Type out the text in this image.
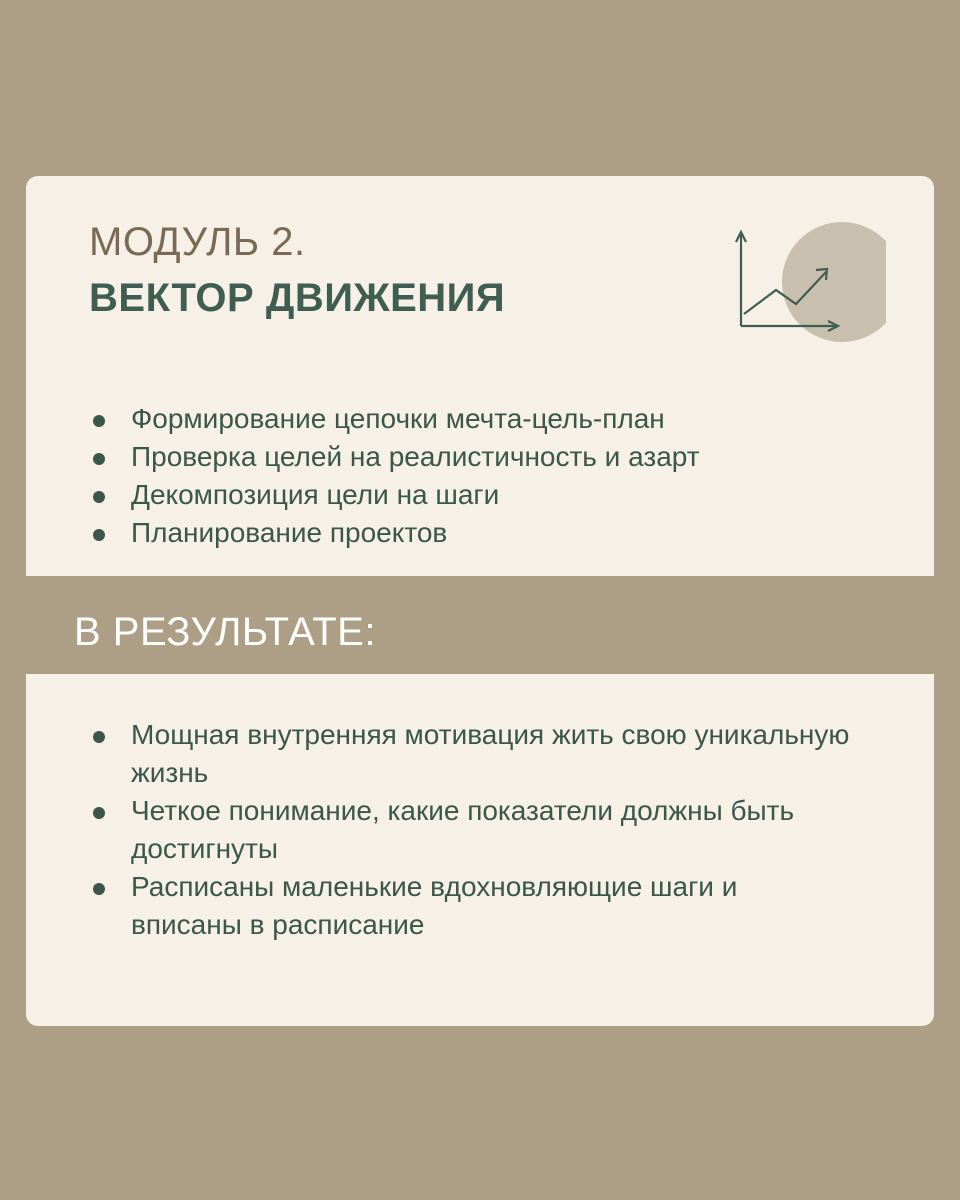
МОДУЛЬ 2.
ВЕКТОР ДВИЖЕНИЯ
Формирование цепочки мечта-цель-план
Проверка целей на реалистичность и азарт
Декомпозиция цели на шаги
Планирование проектов
В РЕЗУЛЬТАТЕ:
Мощная внутренняя мотивация жить свою уникальную жизнь
Четкое понимание, какие показатели должны быть достигнуты
Расписаны маленькие вдохновляющие шаги и вписаны в расписание
